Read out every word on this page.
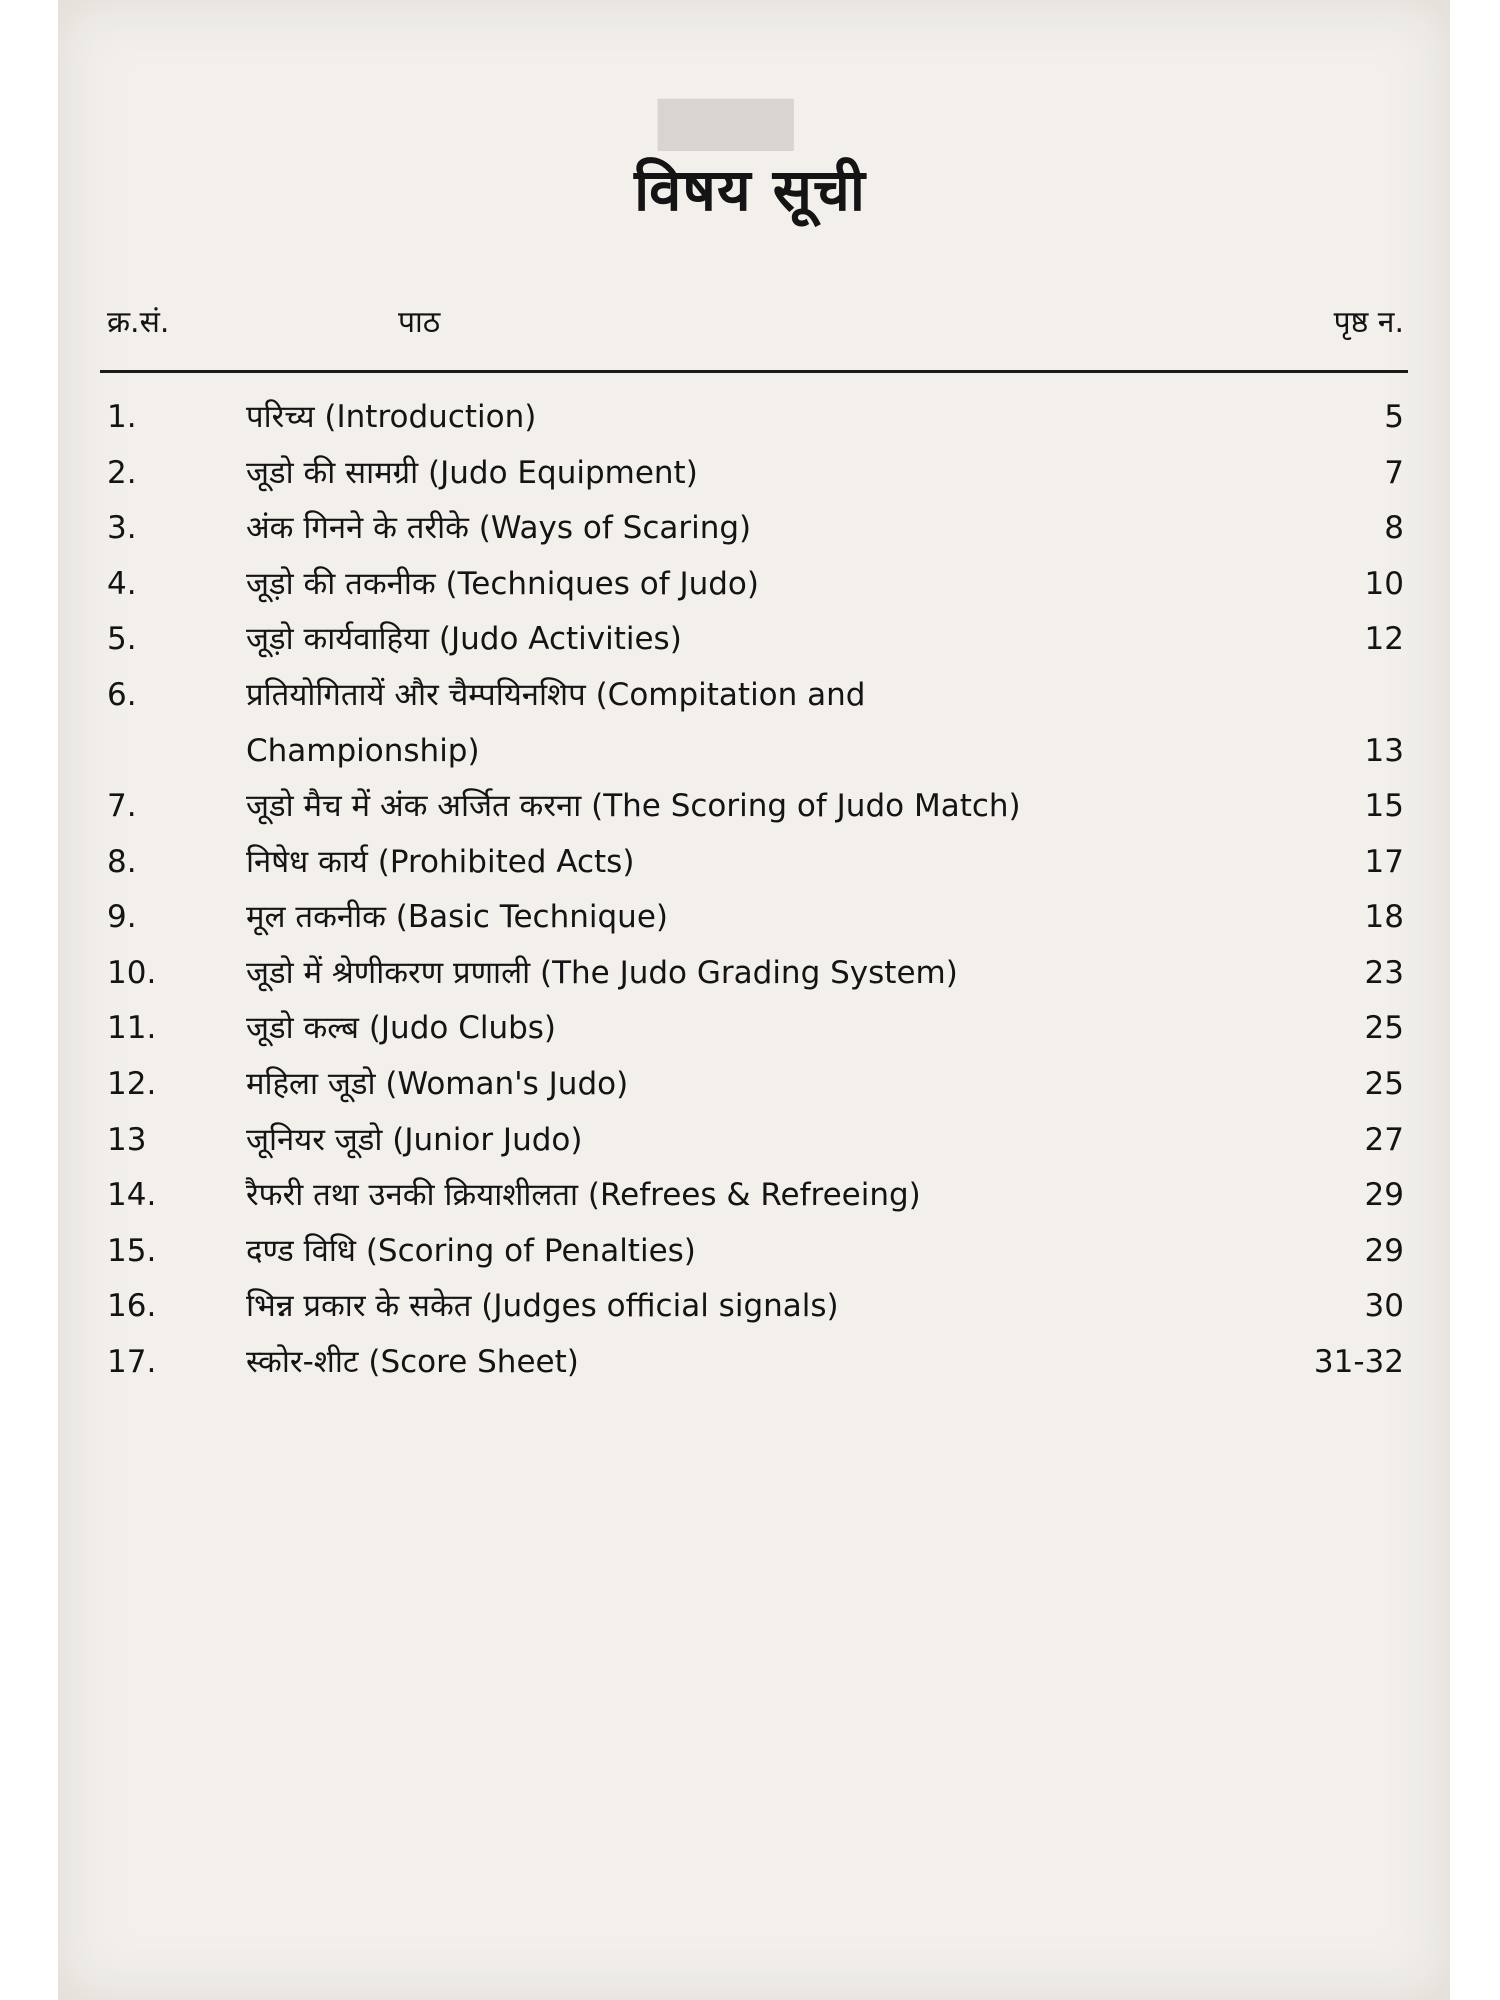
████
विषय सूची
क्र.सं.	पाठ	पृष्ठ न.
1.	परिच्य (Introduction)	5
2.	जूडो की सामग्री (Judo Equipment)	7
3.	अंक गिनने के तरीके (Ways of Scaring)	8
4.	जूड़ो की तकनीक (Techniques of Judo)	10
5.	जूड़ो कार्यवाहिया (Judo Activities)	12
6.	प्रतियोगितायें और चैम्पयिनशिप (Compitation and Championship)	13
7.	जूडो मैच में अंक अर्जित करना (The Scoring of Judo Match)	15
8.	निषेध कार्य (Prohibited Acts)	17
9.	मूल तकनीक (Basic Technique)	18
10.	जूडो में श्रेणीकरण प्रणाली (The Judo Grading System)	23
11.	जूडो कल्ब (Judo Clubs)	25
12.	महिला जूडो (Woman's Judo)	25
13	जूनियर जूडो (Junior Judo)	27
14.	रैफरी तथा उनकी क्रियाशीलता (Refrees & Refreeing)	29
15.	दण्ड विधि (Scoring of Penalties)	29
16.	भिन्न प्रकार के सकेत (Judges official signals)	30
17.	स्कोर-शीट (Score Sheet)	31-32
